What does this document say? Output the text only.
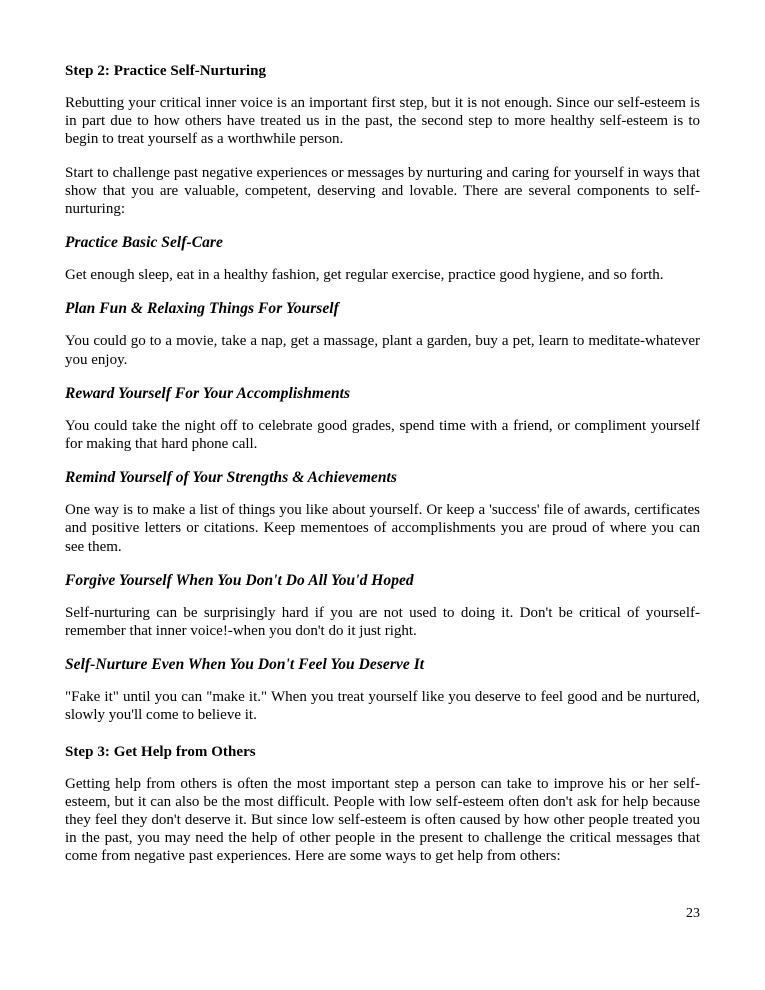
Step 2: Practice Self-Nurturing

Rebutting your critical inner voice is an important first step, but it is not enough. Since our self-esteem is in part due to how others have treated us in the past, the second step to more healthy self-esteem is to begin to treat yourself as a worthwhile person.

Start to challenge past negative experiences or messages by nurturing and caring for yourself in ways that show that you are valuable, competent, deserving and lovable. There are several components to self-nurturing:

Practice Basic Self-Care

Get enough sleep, eat in a healthy fashion, get regular exercise, practice good hygiene, and so forth.

Plan Fun & Relaxing Things For Yourself

You could go to a movie, take a nap, get a massage, plant a garden, buy a pet, learn to meditate-whatever you enjoy.

Reward Yourself For Your Accomplishments

You could take the night off to celebrate good grades, spend time with a friend, or compliment yourself for making that hard phone call.

Remind Yourself of Your Strengths & Achievements

One way is to make a list of things you like about yourself. Or keep a 'success' file of awards, certificates and positive letters or citations. Keep mementoes of accomplishments you are proud of where you can see them.

Forgive Yourself When You Don't Do All You'd Hoped

Self-nurturing can be surprisingly hard if you are not used to doing it. Don't be critical of yourself-remember that inner voice!-when you don't do it just right.

Self-Nurture Even When You Don't Feel You Deserve It

"Fake it" until you can "make it." When you treat yourself like you deserve to feel good and be nurtured, slowly you'll come to believe it.

Step 3: Get Help from Others

Getting help from others is often the most important step a person can take to improve his or her self-esteem, but it can also be the most difficult. People with low self-esteem often don't ask for help because they feel they don't deserve it. But since low self-esteem is often caused by how other people treated you in the past, you may need the help of other people in the present to challenge the critical messages that come from negative past experiences. Here are some ways to get help from others:

23
